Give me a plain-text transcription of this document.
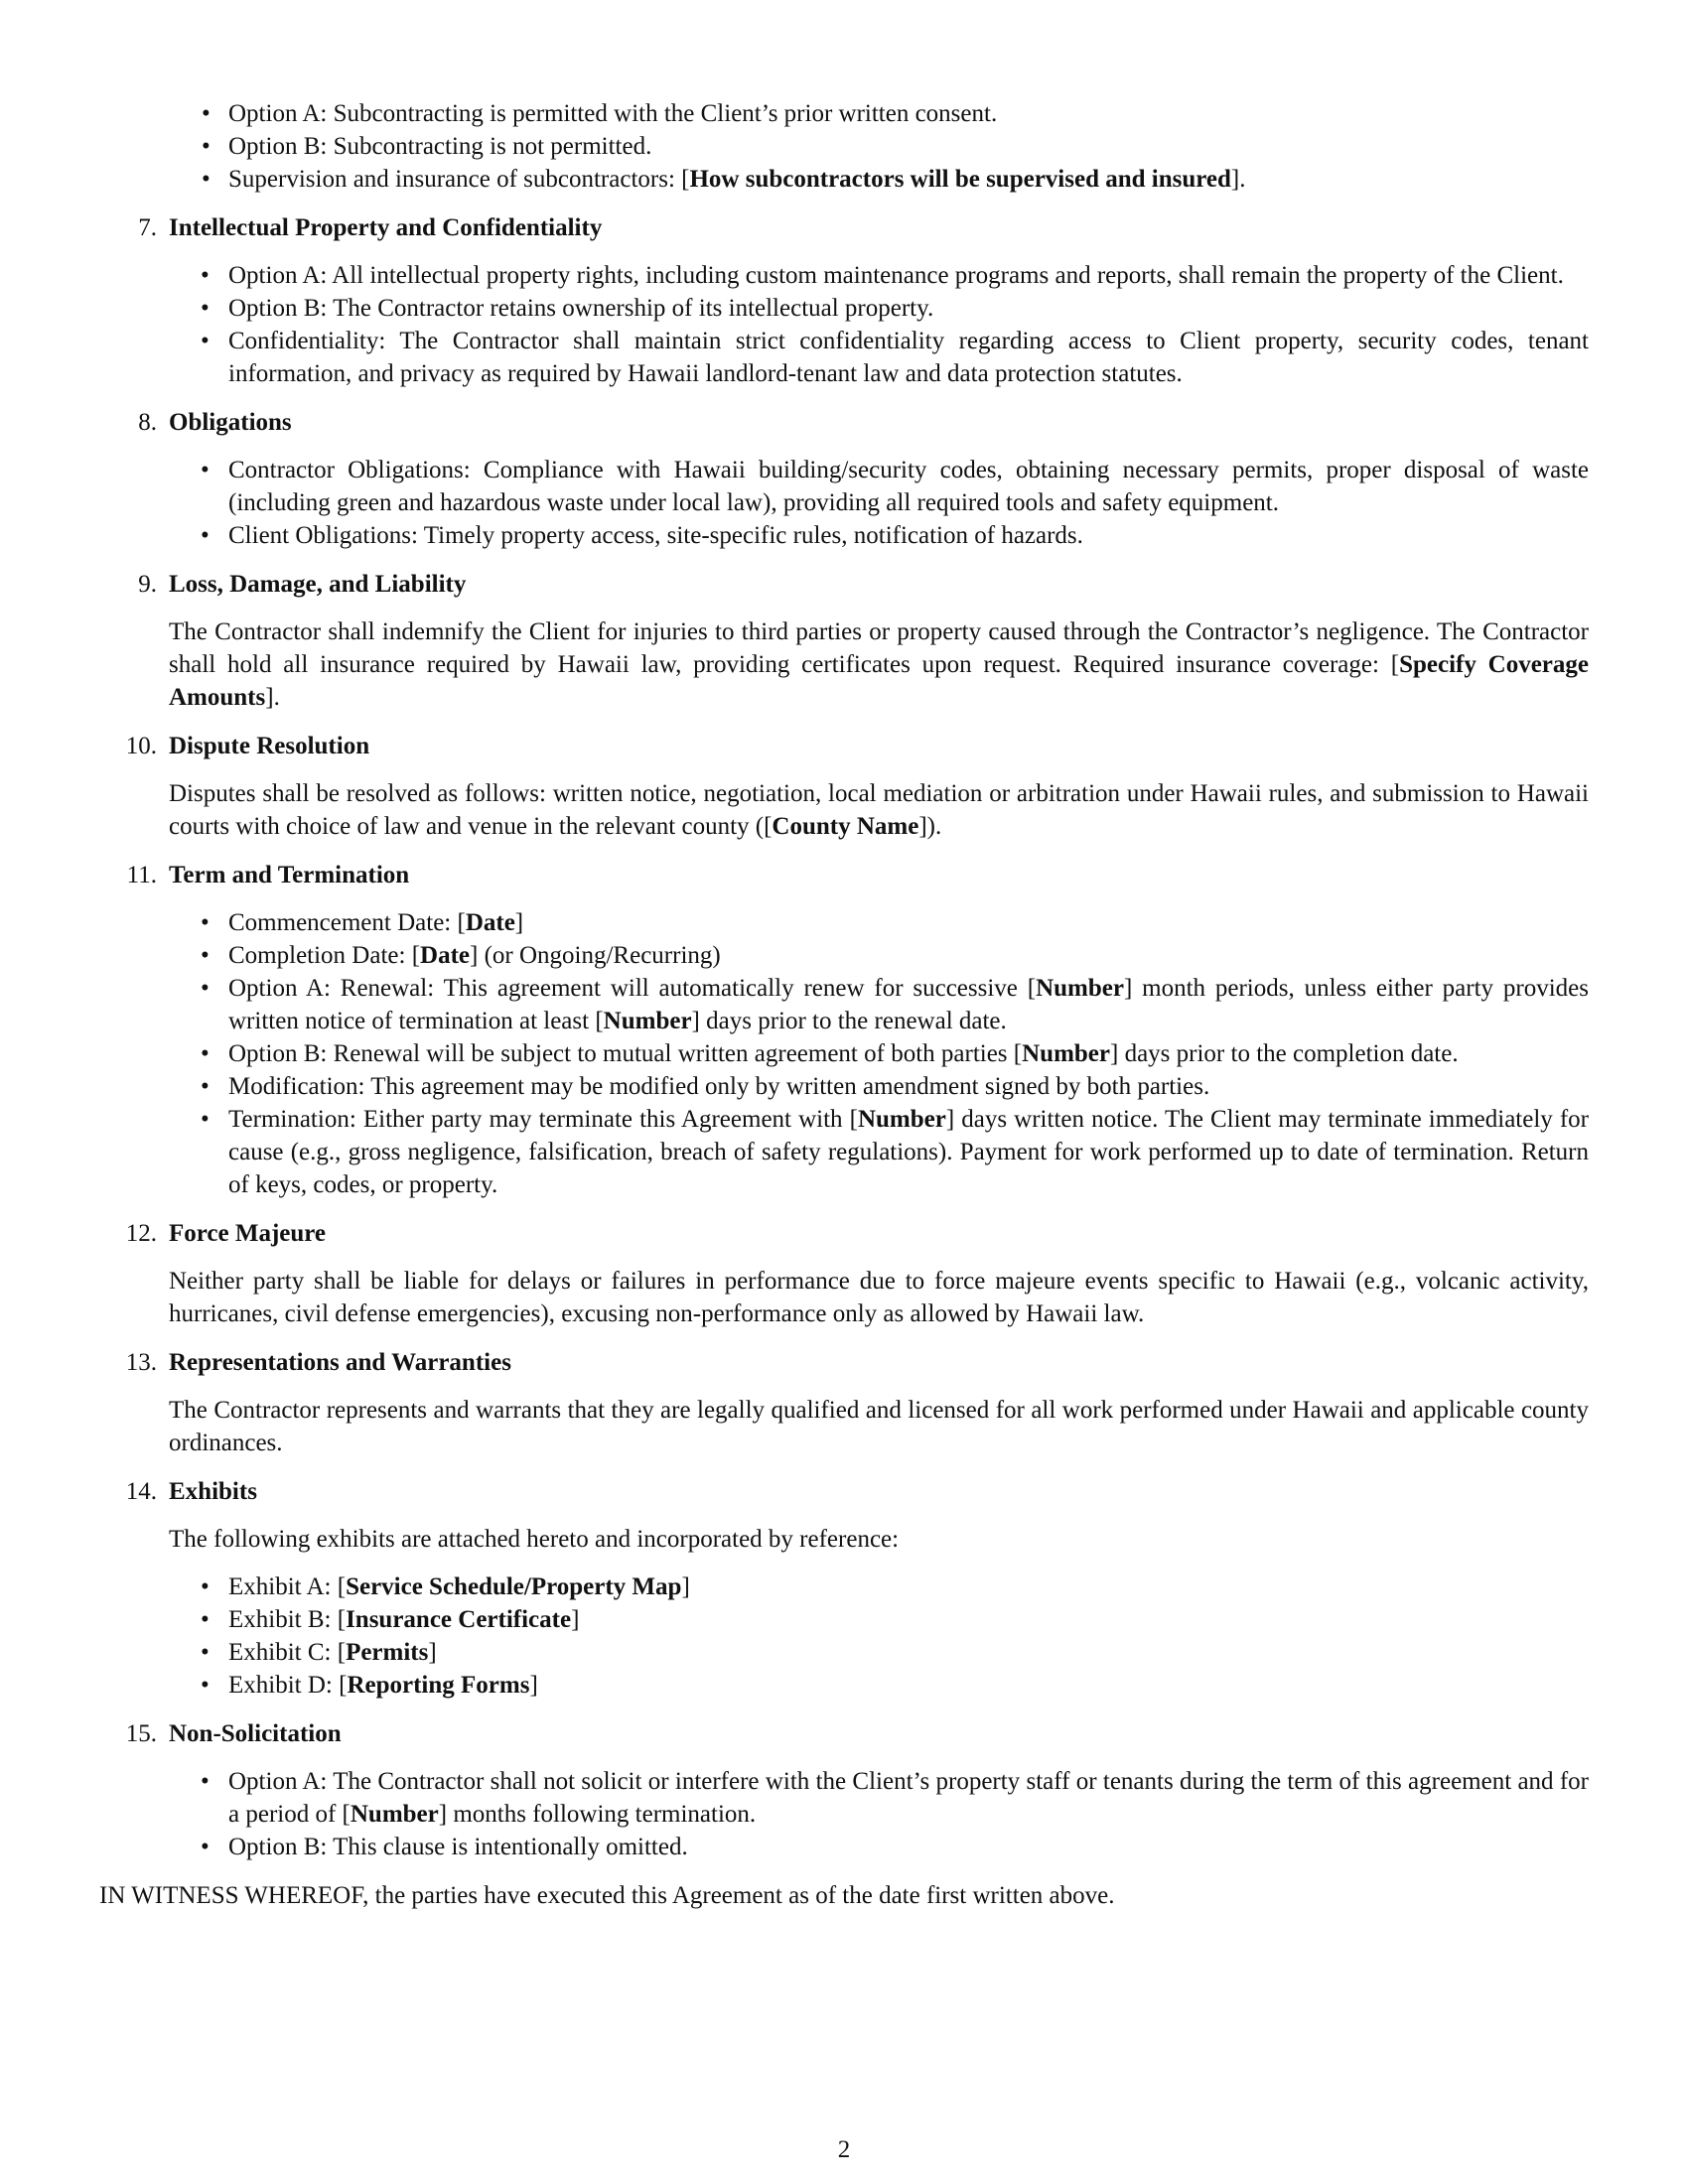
• Option A: Subcontracting is permitted with the Client’s prior written consent.
• Option B: Subcontracting is not permitted.
• Supervision and insurance of subcontractors: [How subcontractors will be supervised and insured].
7. Intellectual Property and Confidentiality
• Option A: All intellectual property rights, including custom maintenance programs and reports, shall remain the property of the Client.
• Option B: The Contractor retains ownership of its intellectual property.
• Confidentiality: The Contractor shall maintain strict confidentiality regarding access to Client property, security codes, tenant information, and privacy as required by Hawaii landlord-tenant law and data protection statutes.
8. Obligations
• Contractor Obligations: Compliance with Hawaii building/security codes, obtaining necessary permits, proper disposal of waste (including green and hazardous waste under local law), providing all required tools and safety equipment.
• Client Obligations: Timely property access, site-specific rules, notification of hazards.
9. Loss, Damage, and Liability
The Contractor shall indemnify the Client for injuries to third parties or property caused through the Contractor’s negligence. The Contractor shall hold all insurance required by Hawaii law, providing certificates upon request. Required insurance coverage: [Specify Coverage Amounts].
10. Dispute Resolution
Disputes shall be resolved as follows: written notice, negotiation, local mediation or arbitration under Hawaii rules, and submission to Hawaii courts with choice of law and venue in the relevant county ([County Name]).
11. Term and Termination
• Commencement Date: [Date]
• Completion Date: [Date] (or Ongoing/Recurring)
• Option A: Renewal: This agreement will automatically renew for successive [Number] month periods, unless either party provides written notice of termination at least [Number] days prior to the renewal date.
• Option B: Renewal will be subject to mutual written agreement of both parties [Number] days prior to the completion date.
• Modification: This agreement may be modified only by written amendment signed by both parties.
• Termination: Either party may terminate this Agreement with [Number] days written notice. The Client may terminate immediately for cause (e.g., gross negligence, falsification, breach of safety regulations). Payment for work performed up to date of termination. Return of keys, codes, or property.
12. Force Majeure
Neither party shall be liable for delays or failures in performance due to force majeure events specific to Hawaii (e.g., volcanic activity, hurricanes, civil defense emergencies), excusing non-performance only as allowed by Hawaii law.
13. Representations and Warranties
The Contractor represents and warrants that they are legally qualified and licensed for all work performed under Hawaii and applicable county ordinances.
14. Exhibits
The following exhibits are attached hereto and incorporated by reference:
• Exhibit A: [Service Schedule/Property Map]
• Exhibit B: [Insurance Certificate]
• Exhibit C: [Permits]
• Exhibit D: [Reporting Forms]
15. Non-Solicitation
• Option A: The Contractor shall not solicit or interfere with the Client’s property staff or tenants during the term of this agreement and for a period of [Number] months following termination.
• Option B: This clause is intentionally omitted.
IN WITNESS WHEREOF, the parties have executed this Agreement as of the date first written above.
2
